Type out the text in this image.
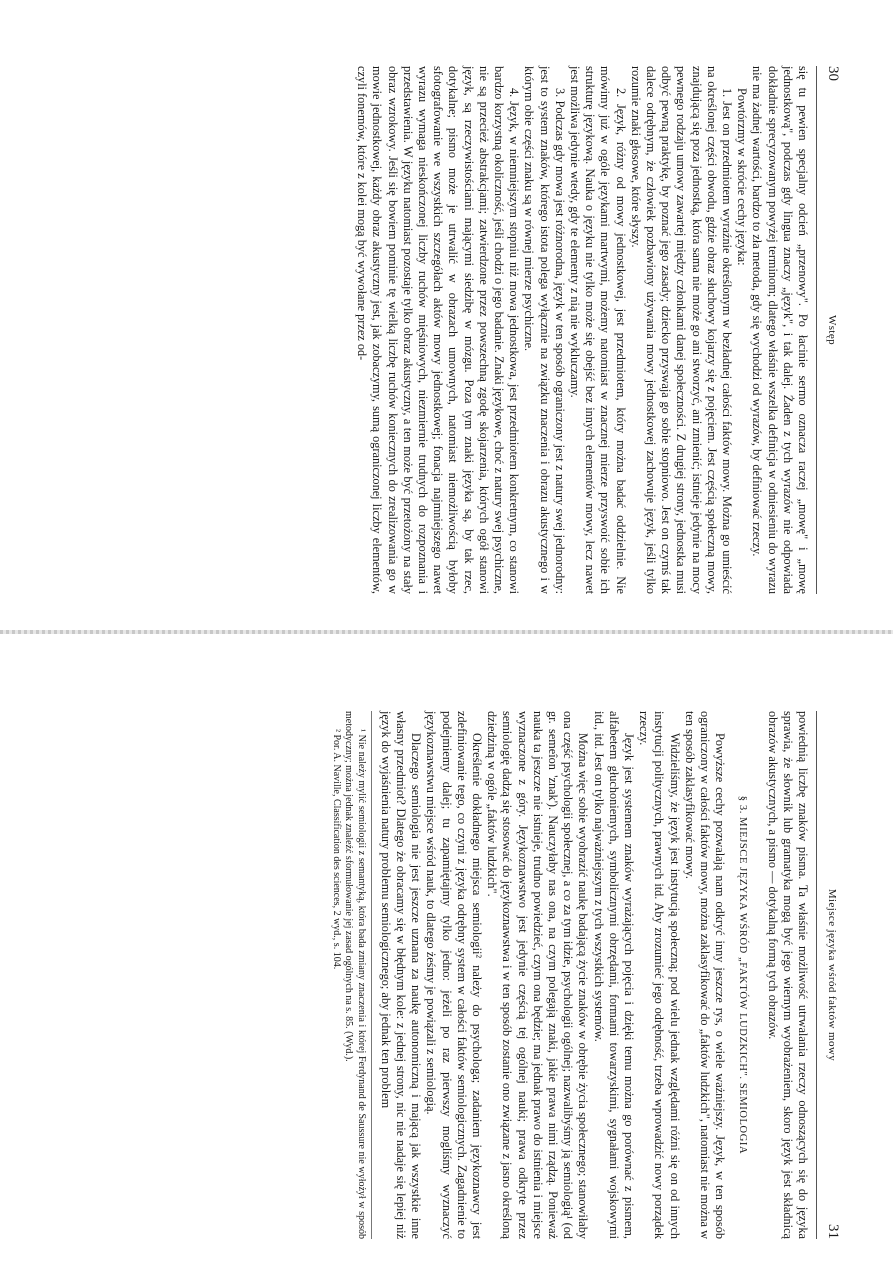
30
Wstęp

się tu pewien specjalny odcień „przenowy". Po łacinie sermo oznacza raczej „mowę" i „mowę jednostkową", podczas gdy lingua znaczy „język", i tak dalej. Żaden z tych wyrazów nie odpowiada dokładnie sprecyzowanym powyżej terminom; dlatego właśnie wszelka definicja w odniesieniu do wyrazu nie ma żadnej wartości, bardzo to zła metoda, gdy się wychodzi od wyrazów, by definiować rzeczy.

Powtórzmy w skrócie cechy języka:

1. Jest on przedmiotem wyraźnie określonym w bezładnej całości faktów mowy. Można go umieścić na określonej części obwodu, gdzie obraz słuchowy kojarzy się z pojęciem. Jest częścią społeczną mowy, znajdującą się poza jednostką, która sama nie może go ani stworzyć, ani zmienić; istnieje jedynie na mocy pewnego rodzaju umowy zawartej między członkami danej społeczności. Z drugiej strony, jednostka musi odbyć pewną praktykę, by poznać jego zasady; dziecko przyswaja go sobie stopniowo. Jest on czymś tak dalece odrębnym, że człowiek pozbawiony używania mowy jednostkowej zachowuje język, jeśli tylko rozumie znaki głosowe, które słyszy.

2. Język, różny od mowy jednostkowej, jest przedmiotem, który można badać oddzielnie. Nie mówimy już w ogóle językami martwymi, możemy natomiast w znacznej mierze przyswoić sobie ich strukturę językową. Nauka o języku nie tylko może się obejść bez innych elementów mowy, lecz nawet jest możliwa jedynie wtedy, gdy te elementy z nią nie wykluczamy.

3. Podczas gdy mowa jest różnorodna, język w ten sposób ograniczony jest z natury swej jednorodny: jest to system znaków, którego istota polega wyłącznie na związku znaczenia i obrazu akustycznego i w którym obie części znaku są w równej mierze psychiczne.

4. Język, w niemniejszym stopniu niż mowa jednostkowa, jest przedmiotem konkretnym, co stanowi bardzo korzystną okoliczność, jeśli chodzi o jego badanie. Znaki językowe, choć z natury swej psychiczne, nie są przecież abstrakcjami; zatwierdzone przez powszechną zgodę skojarzenia, których ogół stanowi język, są rzeczywistościami mającymi siedzibę w mózgu. Poza tym znaki języka są, by tak rzec, dotykalne; pismo może je utrwalić w obrazach umownych, natomiast niemożliwością byłoby sfotografowanie we wszystkich szczegółach aktów mowy jednostkowej; fonacja najmniejszego nawet wyrazu wymaga nieskończonej liczby ruchów mięśniowych, niezmiernie trudnych do rozpoznania i przedstawienia. W języku natomiast pozostaje tylko obraz akustyczny, a ten może być przetożony na stały obraz wzrokowy. Jeśli się bowiem pominie tę wielką liczbę ruchów koniecznych do zrealizowania go w mowie jednostkowej, każdy obraz akustyczny jest, jak zobaczymy, sumą ograniczonej liczby elementów, czyli fonemów, które z kolei mogą być wywołane przez od-

Miejsce języka wśród faktów mowy
31

powiednią liczbę znaków pisma. Ta właśnie możliwość utrwalania rzeczy odnoszących się do języka sprawia, że słownik lub gramatyka mogą być jego wiernym wyobrażeniem, skoro język jest składnicą obrazów akustycznych, a pismo — dotykalną formą tych obrazów.

§ 3. MIEJSCE JĘZYKA WŚRÓD „FAKTÓW LUDZKICH". SEMIOLOGIA

Powyższe cechy pozwalają nam odkryć inny jeszcze rys, o wiele ważniejszy. Język, w ten sposób ograniczony w całości faktów mowy, można zaklasyfikować do „faktów ludzkich", natomiast nie można w ten sposób zaklasyfikować mowy.

Widzieliśmy, że język jest instytucją społeczną; pod wielu jednak względami różni się on od innych instytucji politycznych, prawnych itd. Aby zrozumieć jego odrębność, trzeba wprowadzić nowy porządek rzeczy.

Język jest systemem znaków wyrażających pojęcia i dzięki temu można go porównać z pismem, alfabetem głuchoniemych, symbolicznymi obrzędami, formami towarzyskimi, sygnałami wojskowymi itd., itd. Jest on tylko najważniejszym z tych wszystkich systemów.

Można więc sobie wyobrazić naukę badającą życie znaków w obrębie życia społecznego; stanowiłaby ona część psychologii społecznej, a co za tym idzie, psychologii ogólnej; nazwalibyśmy ją semiologią¹ (od gr. semeîon 'znak'). Nauczyłaby nas ona, na czym polegają znaki, jakie prawa nimi rządzą. Ponieważ nauka ta jeszcze nie istnieje, trudno powiedzieć, czym ona będzie; ma jednak prawo do istnienia i miejsce wyznaczone z góry. Językoznawstwo jest jedynie częścią tej ogólnej nauki; prawa odkryte przez semiologię dadzą się stosować do językoznawstwa i w ten sposób zostanie ono związane z jasno określoną dziedziną w ogóle „faktów ludzkich".

Określenie dokładnego miejsca semiologii² należy do psychologa; zadaniem językoznawcy jest zdefiniowanie tego, co czyni z języka odrębny system w całości faktów semiologicznych. Zagadnienie to podejmiemy dalej; tu zapamiętajmy tylko jedno: jeżeli po raz pierwszy mogliśmy wyznaczyć językoznawstwu miejsce wśród nauk, to dlatego żeśmy je powiązali z semiologią.

Dlaczego semiologia nie jest jeszcze uznana za naukę autonomiczną i mającą jak wszystkie inne własny przedmiot? Dlatego że obracamy się w błędnym kole: z jednej strony, nic nie nadaje się lepiej niż język do wyjaśnienia natury problemu semiologicznego; aby jednak ten problem

¹ Nie należy mylić semiologii z semantyką, która bada zmiany znaczenia i której Ferdynand de Saussure nie wyłożył w sposób metodyczny; można jednak znaleźć sformułowanie jej zasad ogólnych na s. 85. (Wyd.).

² Por. A. Naville, Classification des sciences, 2 wyd., s. 104.
